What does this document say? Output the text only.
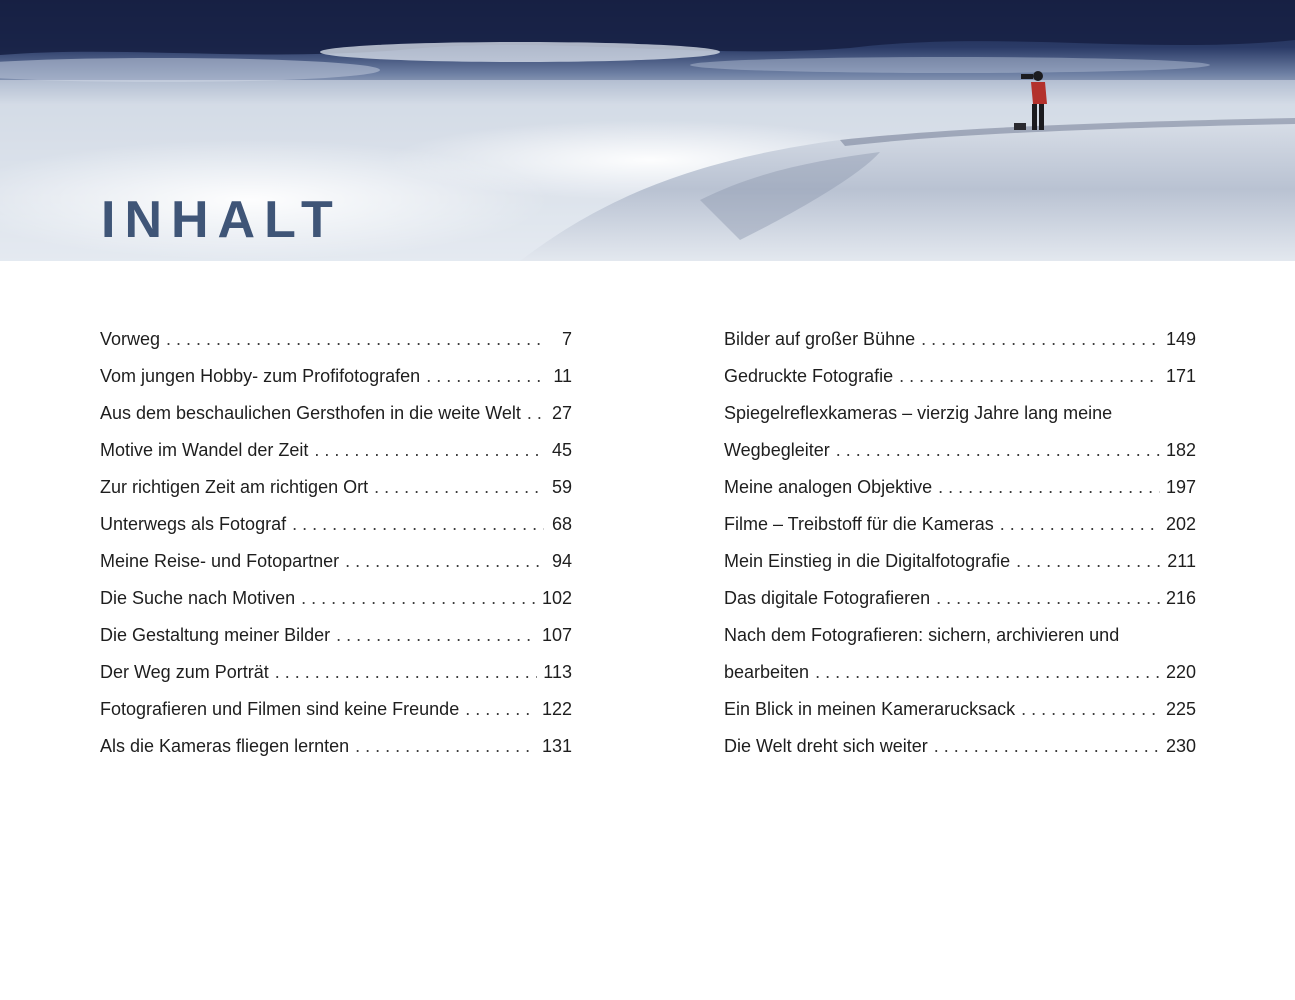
INHALT
Vorweg . . .	7
Vom jungen Hobby- zum Profifotografen . . .	11
Aus dem beschaulichen Gersthofen in die weite Welt . . . 27
Motive im Wandel der Zeit . . .	45
Zur richtigen Zeit am richtigen Ort . . .	59
Unterwegs als Fotograf . . .	68
Meine Reise- und Fotopartner . . .	94
Die Suche nach Motiven . . .	102
Die Gestaltung meiner Bilder . . .	107
Der Weg zum Porträt . . .	113
Fotografieren und Filmen sind keine Freunde . . .	122
Als die Kameras fliegen lernten . . .	131
Bilder auf großer Bühne . . .	149
Gedruckte Fotografie . . .	171
Spiegelreflexkameras – vierzig Jahre lang meine
Wegbegleiter . . .	182
Meine analogen Objektive . . .	197
Filme – Treibstoff für die Kameras . . .	202
Mein Einstieg in die Digitalfotografie . . .	211
Das digitale Fotografieren . . .	216
Nach dem Fotografieren: sichern, archivieren und
bearbeiten . . .	220
Ein Blick in meinen Kamerarucksack . . .	225
Die Welt dreht sich weiter . . .	230
